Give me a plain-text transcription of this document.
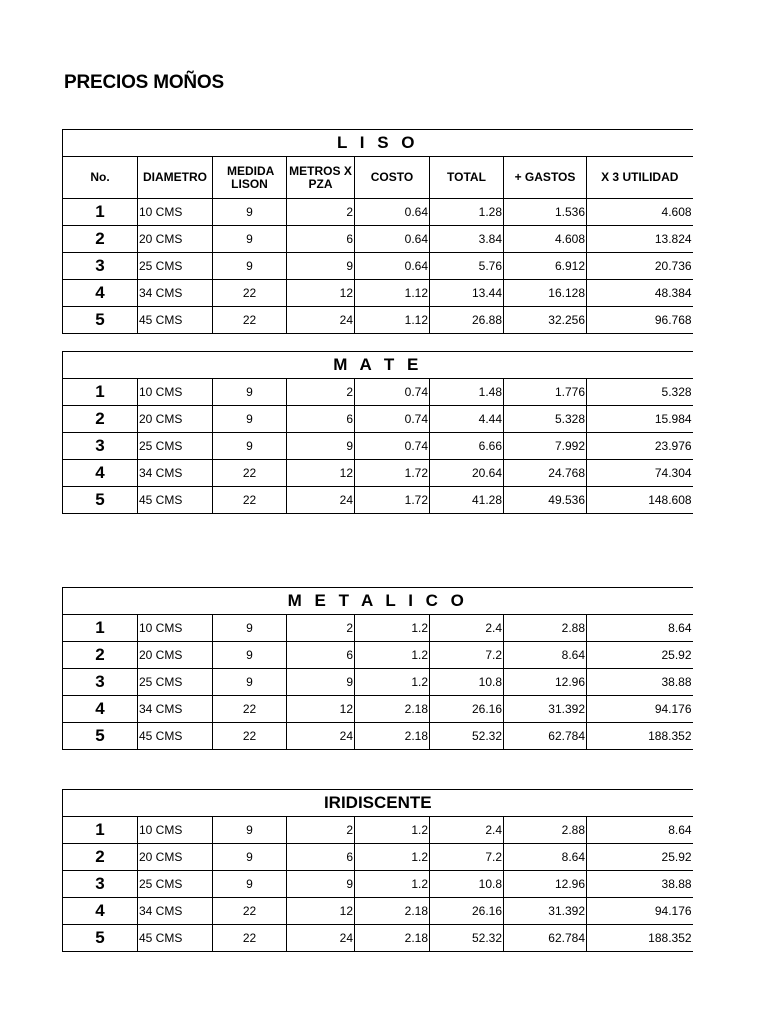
PRECIOS MOÑOS
L I S O							
No.	DIAMETRO	MEDIDA LISON	METROS X PZA	COSTO	TOTAL	+ GASTOS	X 3 UTILIDAD
1	10 CMS	9	2	0.64	1.28	1.536	4.608
2	20 CMS	9	6	0.64	3.84	4.608	13.824
3	25 CMS	9	9	0.64	5.76	6.912	20.736
4	34 CMS	22	12	1.12	13.44	16.128	48.384
5	45 CMS	22	24	1.12	26.88	32.256	96.768
M A T E							
1	10 CMS	9	2	0.74	1.48	1.776	5.328
2	20 CMS	9	6	0.74	4.44	5.328	15.984
3	25 CMS	9	9	0.74	6.66	7.992	23.976
4	34 CMS	22	12	1.72	20.64	24.768	74.304
5	45 CMS	22	24	1.72	41.28	49.536	148.608
M E T A L I C O							
1	10 CMS	9	2	1.2	2.4	2.88	8.64
2	20 CMS	9	6	1.2	7.2	8.64	25.92
3	25 CMS	9	9	1.2	10.8	12.96	38.88
4	34 CMS	22	12	2.18	26.16	31.392	94.176
5	45 CMS	22	24	2.18	52.32	62.784	188.352
IRIDISCENTE							
1	10 CMS	9	2	1.2	2.4	2.88	8.64
2	20 CMS	9	6	1.2	7.2	8.64	25.92
3	25 CMS	9	9	1.2	10.8	12.96	38.88
4	34 CMS	22	12	2.18	26.16	31.392	94.176
5	45 CMS	22	24	2.18	52.32	62.784	188.352
